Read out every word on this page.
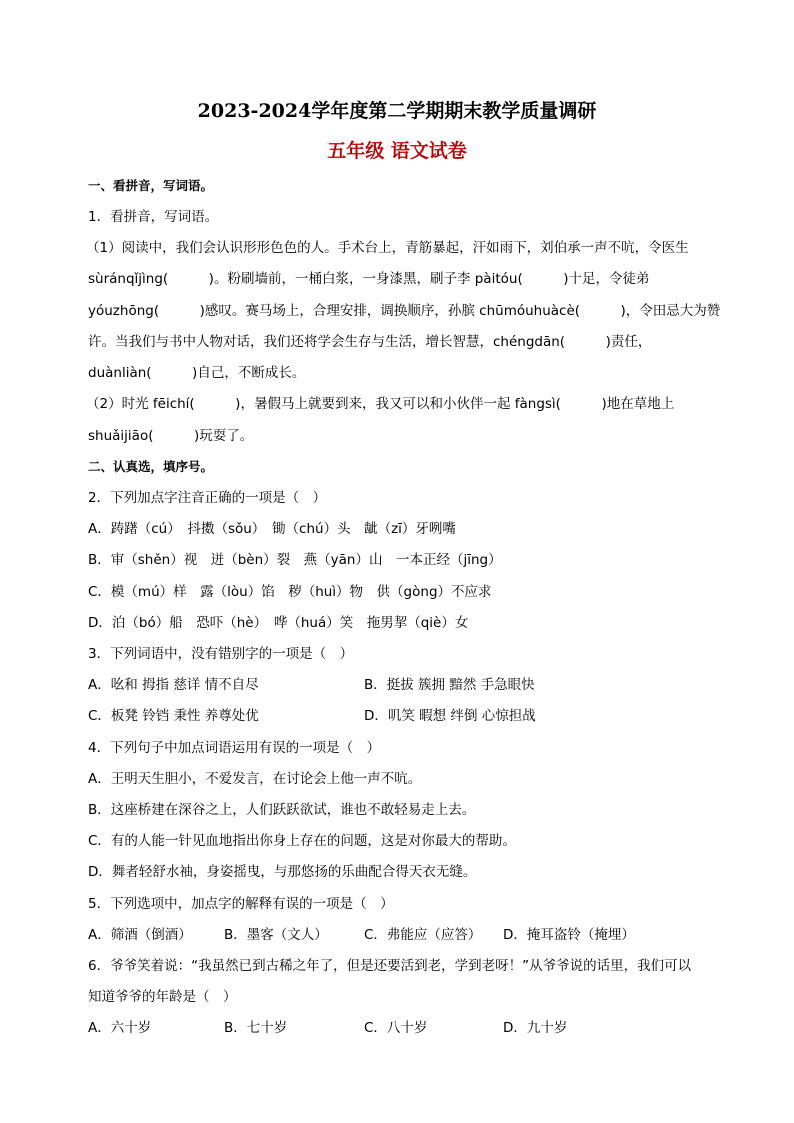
2023-2024学年度第二学期期末教学质量调研
五年级 语文试卷
一、看拼音，写词语。
1．看拼音，写词语。
（1）阅读中，我们会认识形形色色的人。手术台上，青筋暴起，汗如雨下，刘伯承一声不吭，令医生
sùránqǐjìng(　　　)。粉刷墙前，一桶白浆，一身漆黑，刷子李 pàitóu(　　　)十足，令徒弟
yóuzhōng(　　　)感叹。赛马场上，合理安排，调换顺序，孙膑 chūmóuhuàcè(　　　)，令田忌大为赞
许。当我们与书中人物对话，我们还将学会生存与生活，增长智慧，chéngdān(　　　)责任，
duànliàn(　　　)自己，不断成长。
（2）时光 fēichí(　　　)，暑假马上就要到来，我又可以和小伙伴一起 fàngsì(　　　)地在草地上
shuǎijiāo(　　　)玩耍了。
二、认真选，填序号。
2．下列加点字注音正确的一项是（　）
A．踌躇（cú）　抖擞（sǒu）　锄（chú）头　龇（zī）牙咧嘴
B．审（shěn）视　迸（bèn）裂　燕（yān）山　一本正经（jīng）
C．模（mú）样　露（lòu）馅　秽（huì）物　供（gòng）不应求
D．泊（bó）船　恐吓（hè）　哗（huá）笑　拖男挈（qiè）女
3．下列词语中，没有错别字的一项是（　）
A．吆和 拇指 慈详 情不自尽	B．挺拔 簇拥 黯然 手急眼快
C．板凳 铃铛 秉性 养尊处优	D．叽笑 暇想 绊倒 心惊担战
4．下列句子中加点词语运用有误的一项是（　）
A．王明天生胆小，不爱发言，在讨论会上他一声不吭。
B．这座桥建在深谷之上，人们跃跃欲试，谁也不敢轻易走上去。
C．有的人能一针见血地指出你身上存在的问题，这是对你最大的帮助。
D．舞者轻舒水袖，身姿摇曳，与那悠扬的乐曲配合得天衣无缝。
5．下列选项中，加点字的解释有误的一项是（　）
A．筛酒（倒酒） B．墨客（文人）	C．弗能应（应答） D．掩耳盗铃（掩埋）
6．爷爷笑着说：“我虽然已到古稀之年了，但是还要活到老，学到老呀！”从爷爷说的话里，我们可以
知道爷爷的年龄是（　）
A．六十岁	B．七十岁	C．八十岁	D．九十岁
